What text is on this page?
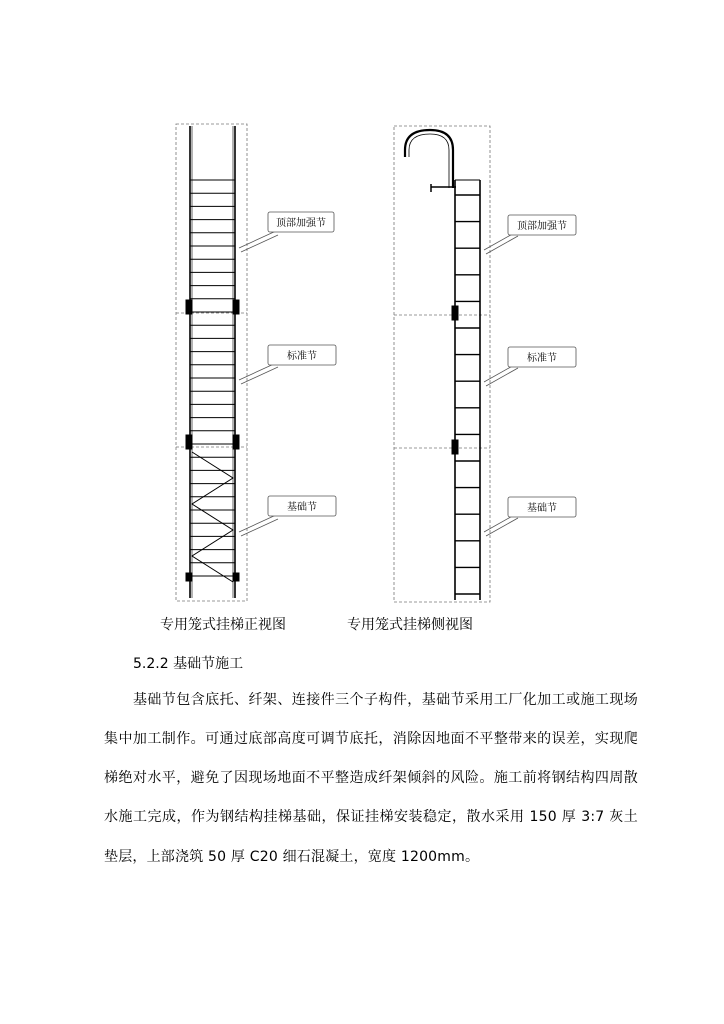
顶部加强节
标准节
基础节
顶部加强节
标准节
基础节
专用笼式挂梯正视图	专用笼式挂梯侧视图
5.2.2 基础节施工
基础节包含底托、纤架、连接件三个子构件，基础节采用工厂化加工或施工现场
集中加工制作。可通过底部高度可调节底托，消除因地面不平整带来的误差，实现爬
梯绝对水平，避免了因现场地面不平整造成纤架倾斜的风险。施工前将钢结构四周散
水施工完成，作为钢结构挂梯基础，保证挂梯安装稳定，散水采用 150 厚 3:7 灰土
垫层，上部浇筑 50 厚 C20 细石混凝土，宽度 1200mm。
